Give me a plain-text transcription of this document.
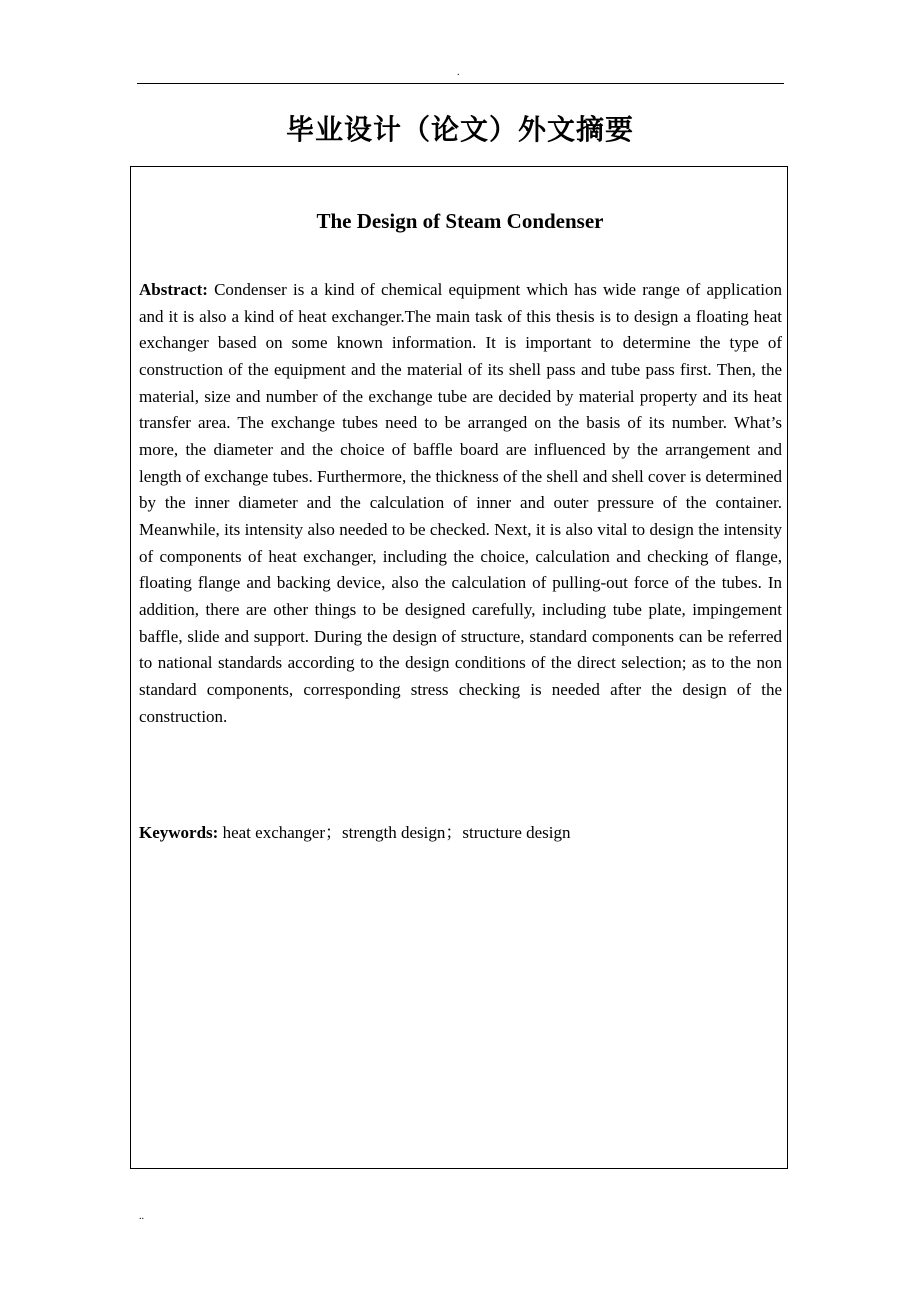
.
毕业设计（论文）外文摘要
The Design of Steam Condenser

Abstract: Condenser is a kind of chemical equipment which has wide range of application and it is also a kind of heat exchanger.The main task of this thesis is to design a floating heat exchanger based on some known information. It is important to determine the type of construction of the equipment and the material of its shell pass and tube pass first. Then, the material, size and number of the exchange tube are decided by material property and its heat transfer area. The exchange tubes need to be arranged on the basis of its number. What’s more, the diameter and the choice of baffle board are influenced by the arrangement and length of exchange tubes. Furthermore, the thickness of the shell and shell cover is determined by the inner diameter and the calculation of inner and outer pressure of the container. Meanwhile, its intensity also needed to be checked. Next, it is also vital to design the intensity of components of heat exchanger, including the choice, calculation and checking of flange, floating flange and backing device, also the calculation of pulling-out force of the tubes. In addition, there are other things to be designed carefully, including tube plate, impingement baffle, slide and support. During the design of structure, standard components can be referred to national standards according to the design conditions of the direct selection; as to the non standard components, corresponding stress checking is needed after the design of the construction.

Keywords: heat exchanger；strength design；structure design

..
